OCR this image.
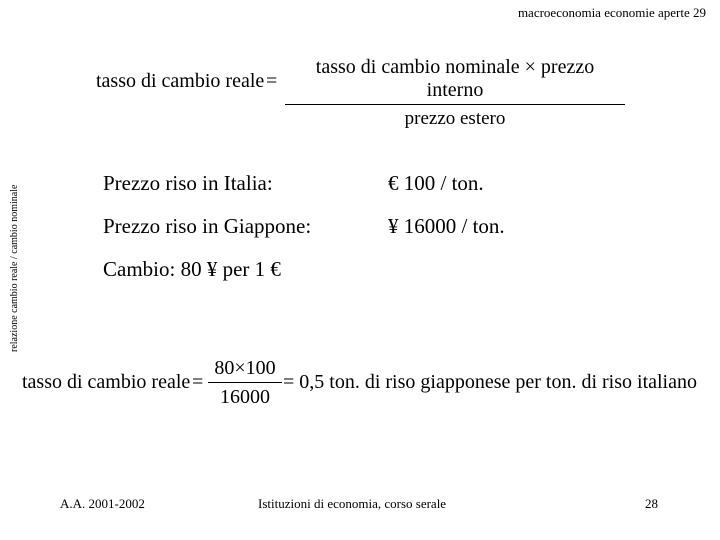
macroeconomia economie aperte 29
relazione cambio reale / cambio nominale
tasso di cambio reale =
tasso di cambio nominale × prezzo interno
prezzo estero
Prezzo riso in Italia:	€ 100 / ton.
Prezzo riso in Giappone:	¥ 16000 / ton.
Cambio: 80 ¥ per 1 €
tasso di cambio reale =
80×100
16000
= 0,5 ton. di riso giapponese per ton. di riso italiano
A.A. 2001-2002	Istituzioni di economia, corso serale	28
